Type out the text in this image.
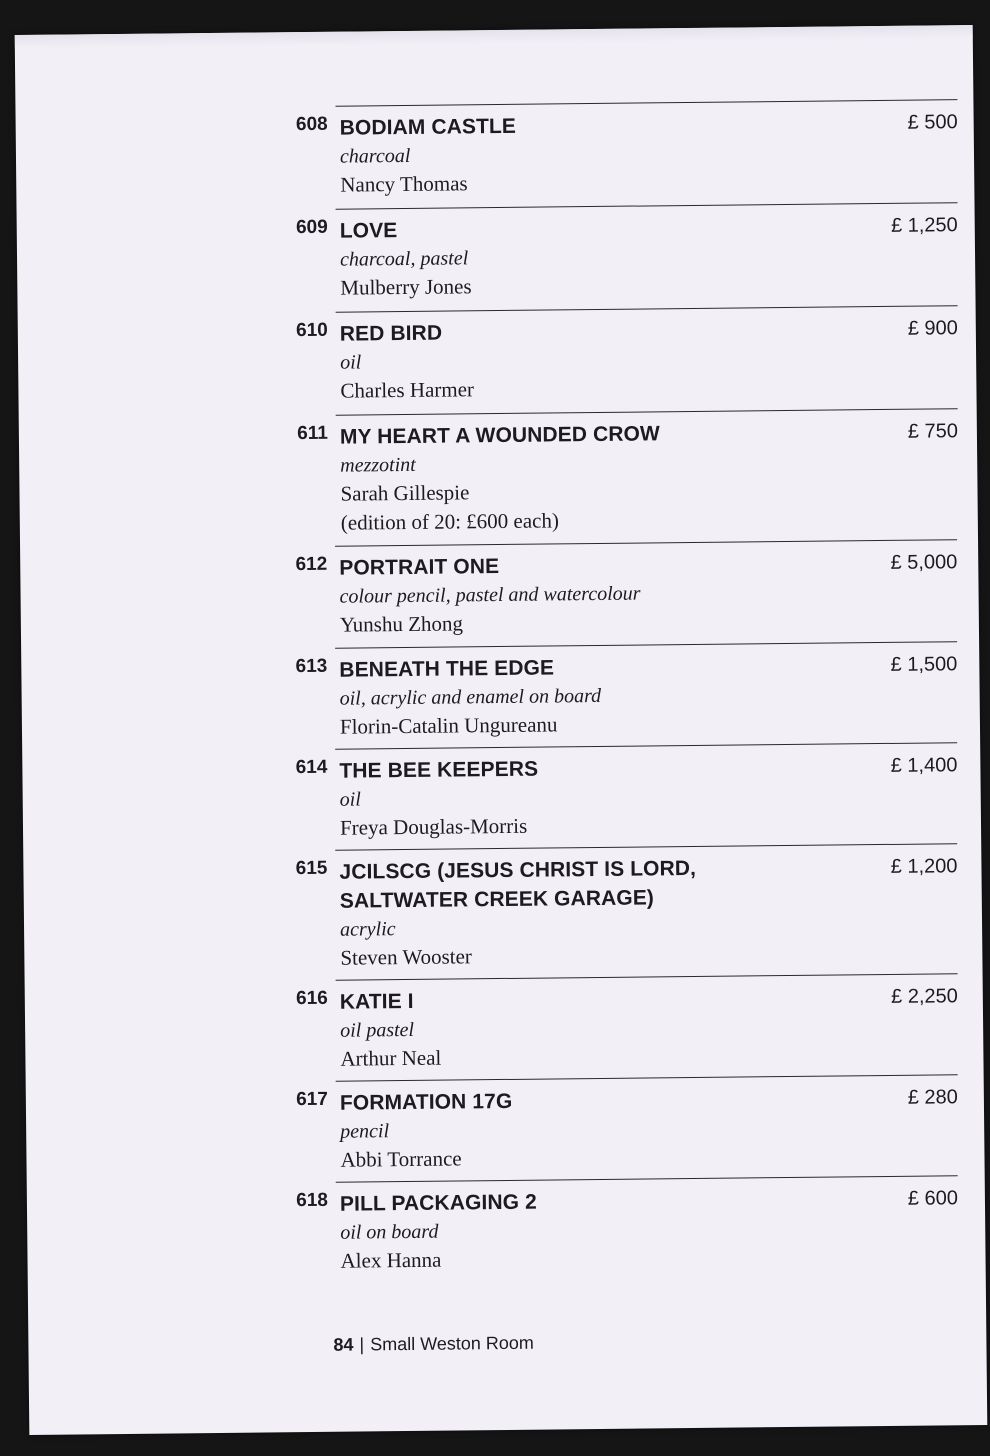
608 BODIAM CASTLE
charcoal
Nancy Thomas
£ 500
609 LOVE
charcoal, pastel
Mulberry Jones
£ 1,250
610 RED BIRD
oil
Charles Harmer
£ 900
611 MY HEART A WOUNDED CROW
mezzotint
Sarah Gillespie
(edition of 20: £600 each)
£ 750
612 PORTRAIT ONE
colour pencil, pastel and watercolour
Yunshu Zhong
£ 5,000
613 BENEATH THE EDGE
oil, acrylic and enamel on board
Florin-Catalin Ungureanu
£ 1,500
614 THE BEE KEEPERS
oil
Freya Douglas-Morris
£ 1,400
615 JCILSCG (JESUS CHRIST IS LORD, SALTWATER CREEK GARAGE)
acrylic
Steven Wooster
£ 1,200
616 KATIE I
oil pastel
Arthur Neal
£ 2,250
617 FORMATION 17G
pencil
Abbi Torrance
£ 280
618 PILL PACKAGING 2
oil on board
Alex Hanna
£ 600
84 | Small Weston Room
